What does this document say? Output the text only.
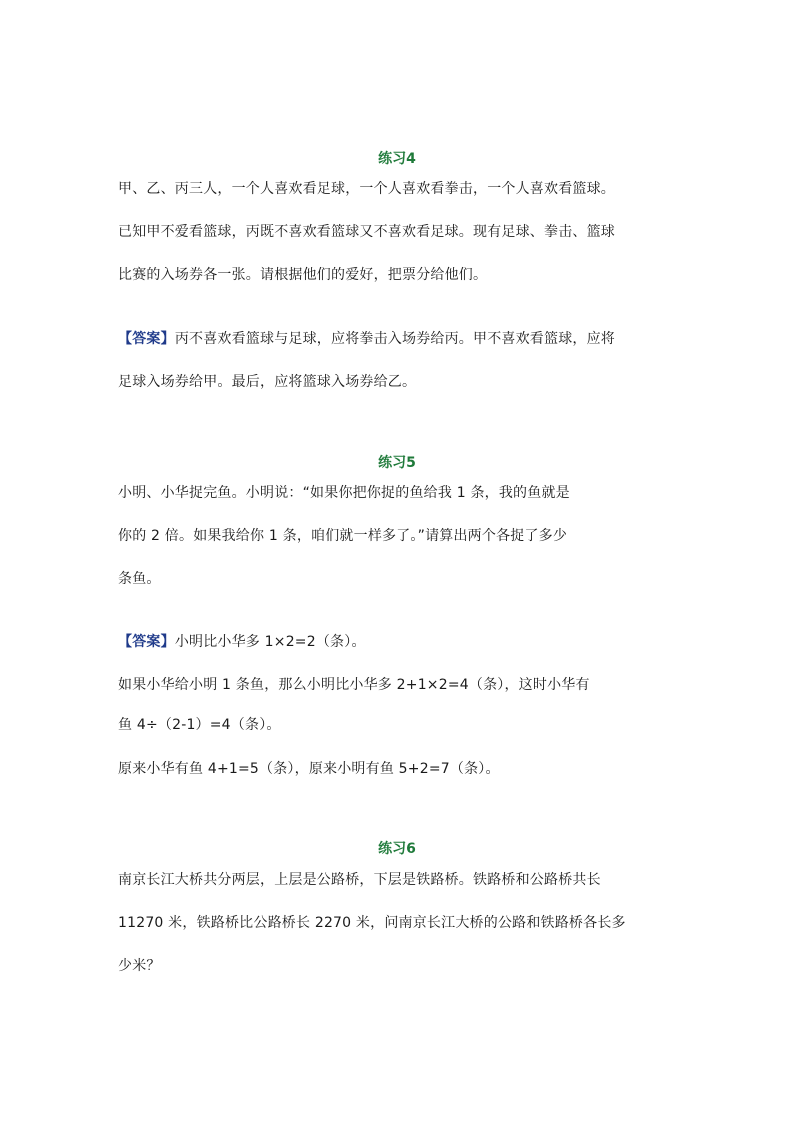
练习4
甲、乙、丙三人，一个人喜欢看足球，一个人喜欢看拳击，一个人喜欢看篮球。
已知甲不爱看篮球，丙既不喜欢看篮球又不喜欢看足球。现有足球、拳击、篮球
比赛的入场券各一张。请根据他们的爱好，把票分给他们。
【答案】丙不喜欢看篮球与足球，应将拳击入场券给丙。甲不喜欢看篮球，应将
足球入场券给甲。最后，应将篮球入场券给乙。
练习5
小明、小华捉完鱼。小明说：“如果你把你捉的鱼给我 1 条，我的鱼就是
你的 2 倍。如果我给你 1 条，咱们就一样多了。”请算出两个各捉了多少
条鱼。
【答案】小明比小华多 1×2=2（条）。
如果小华给小明 1 条鱼，那么小明比小华多 2+1×2=4（条），这时小华有
鱼 4÷（2-1）=4（条）。
原来小华有鱼 4+1=5（条），原来小明有鱼 5+2=7（条）。
练习6
南京长江大桥共分两层，上层是公路桥，下层是铁路桥。铁路桥和公路桥共长
11270 米，铁路桥比公路桥长 2270 米，问南京长江大桥的公路和铁路桥各长多
少米？
